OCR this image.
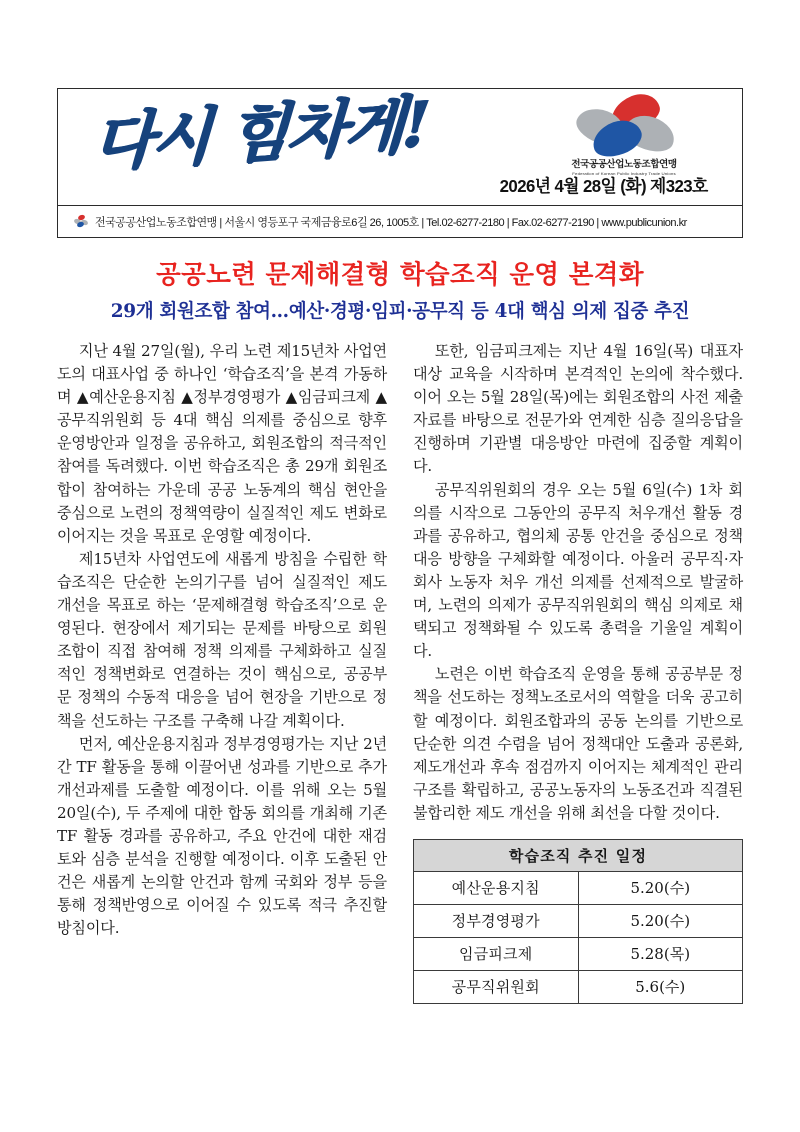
다시 힘차게!	전국공공산업노동조합연맹
Federation of Korean Public Industry Trade Unions
2026년 4월 28일 (화) 제323호
전국공공산업노동조합연맹 | 서울시 영등포구 국제금융로6길 26, 1005호 | Tel.02-6277-2180 | Fax.02-6277-2190 | www.publicunion.kr
공공노련 문제해결형 학습조직 운영 본격화
29개 회원조합 참여…예산·경평·임피·공무직 등 4대 핵심 의제 집중 추진

지난 4월 27일(월), 우리 노련 제15년차 사업연도의 대표사업 중 하나인 ‘학습조직’을 본격 가동하며 ▲예산운용지침 ▲정부경영평가 ▲임금피크제 ▲공무직위원회 등 4대 핵심 의제를 중심으로 향후 운영방안과 일정을 공유하고, 회원조합의 적극적인 참여를 독려했다. 이번 학습조직은 총 29개 회원조합이 참여하는 가운데 공공 노동계의 핵심 현안을 중심으로 노련의 정책역량이 실질적인 제도 변화로 이어지는 것을 목표로 운영할 예정이다.

제15년차 사업연도에 새롭게 방침을 수립한 학습조직은 단순한 논의기구를 넘어 실질적인 제도 개선을 목표로 하는 ‘문제해결형 학습조직’으로 운영된다. 현장에서 제기되는 문제를 바탕으로 회원조합이 직접 참여해 정책 의제를 구체화하고 실질적인 정책변화로 연결하는 것이 핵심으로, 공공부문 정책의 수동적 대응을 넘어 현장을 기반으로 정책을 선도하는 구조를 구축해 나갈 계획이다.

먼저, 예산운용지침과 정부경영평가는 지난 2년간 TF 활동을 통해 이끌어낸 성과를 기반으로 추가 개선과제를 도출할 예정이다. 이를 위해 오는 5월 20일(수), 두 주제에 대한 합동 회의를 개최해 기존 TF 활동 경과를 공유하고, 주요 안건에 대한 재검토와 심층 분석을 진행할 예정이다. 이후 도출된 안건은 새롭게 논의할 안건과 함께 국회와 정부 등을 통해 정책반영으로 이어질 수 있도록 적극 추진할 방침이다.

또한, 임금피크제는 지난 4월 16일(목) 대표자 대상 교육을 시작하며 본격적인 논의에 착수했다. 이어 오는 5월 28일(목)에는 회원조합의 사전 제출 자료를 바탕으로 전문가와 연계한 심층 질의응답을 진행하며 기관별 대응방안 마련에 집중할 계획이다.

공무직위원회의 경우 오는 5월 6일(수) 1차 회의를 시작으로 그동안의 공무직 처우개선 활동 경과를 공유하고, 협의체 공통 안건을 중심으로 정책 대응 방향을 구체화할 예정이다. 아울러 공무직·자회사 노동자 처우 개선 의제를 선제적으로 발굴하며, 노련의 의제가 공무직위원회의 핵심 의제로 채택되고 정책화될 수 있도록 총력을 기울일 계획이다.

노련은 이번 학습조직 운영을 통해 공공부문 정책을 선도하는 정책노조로서의 역할을 더욱 공고히 할 예정이다. 회원조합과의 공동 논의를 기반으로 단순한 의견 수렴을 넘어 정책대안 도출과 공론화, 제도개선과 후속 점검까지 이어지는 체계적인 관리 구조를 확립하고, 공공노동자의 노동조건과 직결된 불합리한 제도 개선을 위해 최선을 다할 것이다.

학습조직 추진 일정	
예산운용지침	5.20(수)
정부경영평가	5.20(수)
임금피크제	5.28(목)
공무직위원회	5.6(수)
